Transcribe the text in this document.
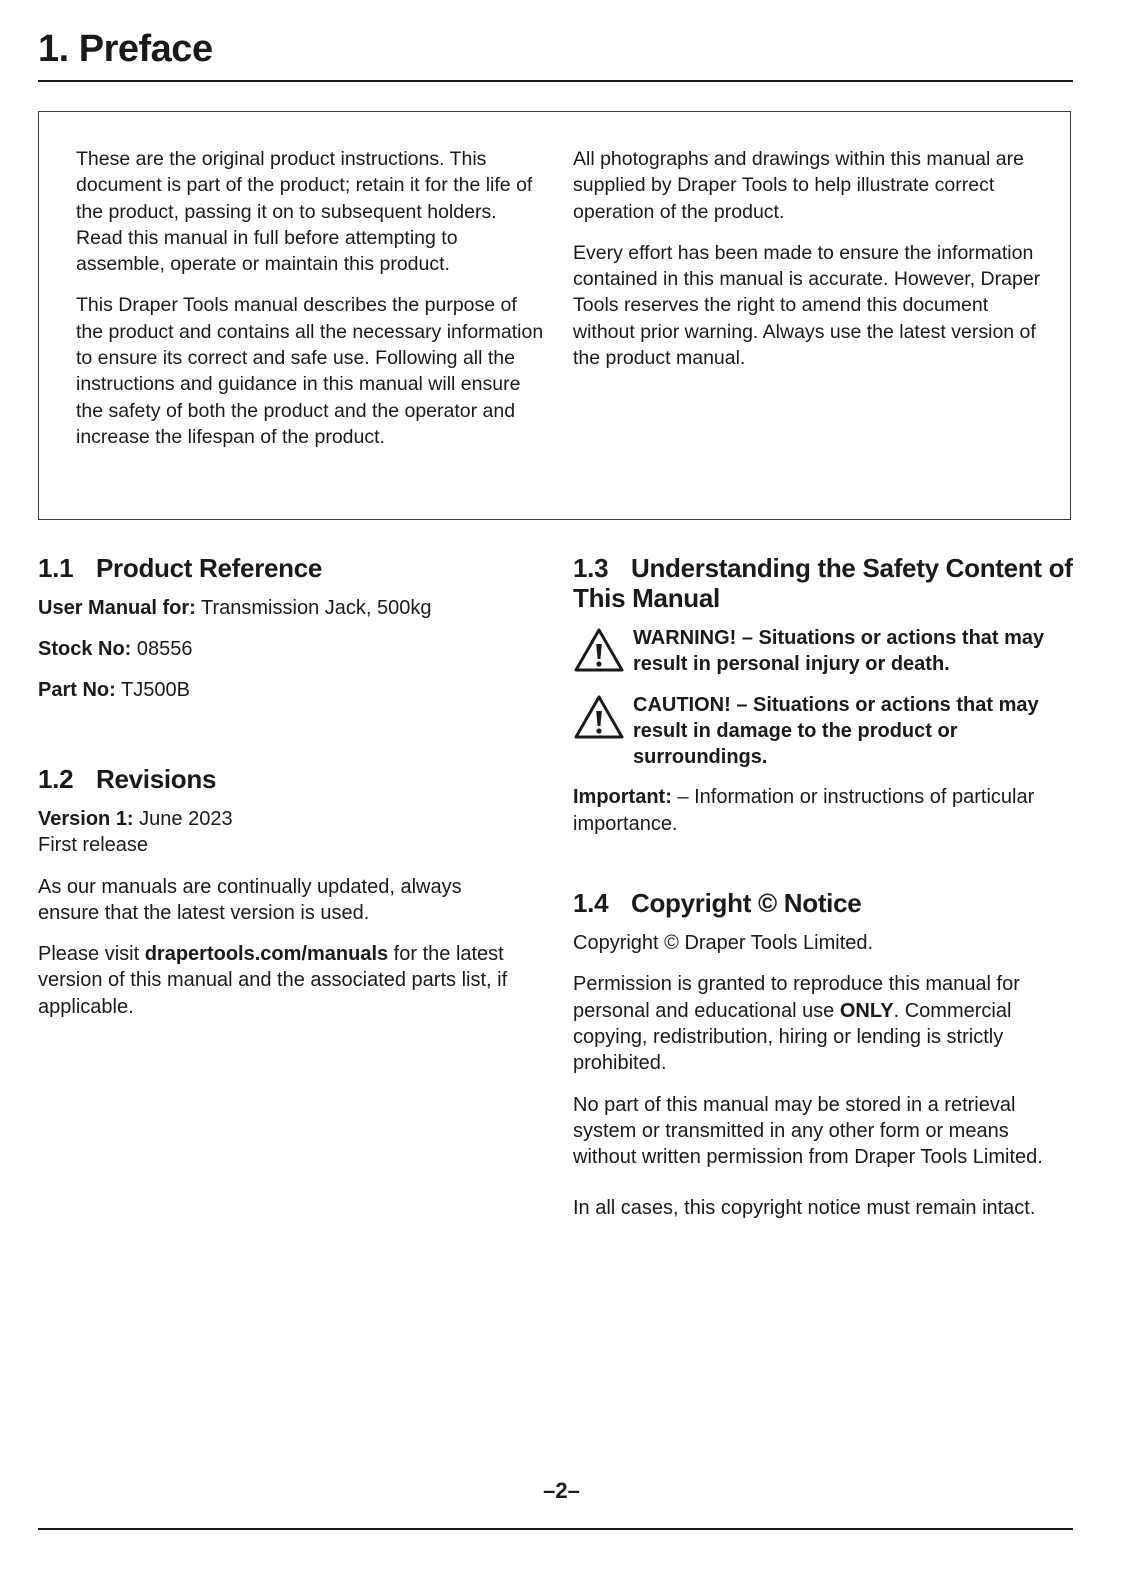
1. Preface

These are the original product instructions. This document is part of the product; retain it for the life of the product, passing it on to subsequent holders. Read this manual in full before attempting to assemble, operate or maintain this product.

This Draper Tools manual describes the purpose of the product and contains all the necessary information to ensure its correct and safe use. Following all the instructions and guidance in this manual will ensure the safety of both the product and the operator and increase the lifespan of the product.

All photographs and drawings within this manual are supplied by Draper Tools to help illustrate correct operation of the product.

Every effort has been made to ensure the information contained in this manual is accurate. However, Draper Tools reserves the right to amend this document without prior warning. Always use the latest version of the product manual.

1.1 Product Reference

User Manual for: Transmission Jack, 500kg

Stock No: 08556

Part No: TJ500B

1.2 Revisions

Version 1: June 2023
First release

As our manuals are continually updated, always ensure that the latest version is used.

Please visit drapertools.com/manuals for the latest version of this manual and the associated parts list, if applicable.

1.3 Understanding the Safety Content of This Manual
WARNING! – Situations or actions that may result in personal injury or death.
CAUTION! – Situations or actions that may result in damage to the product or surroundings.

Important: – Information or instructions of particular importance.

1.4 Copyright © Notice

Copyright © Draper Tools Limited.

Permission is granted to reproduce this manual for personal and educational use ONLY. Commercial copying, redistribution, hiring or lending is strictly prohibited.

No part of this manual may be stored in a retrieval system or transmitted in any other form or means without written permission from Draper Tools Limited.

In all cases, this copyright notice must remain intact.

–2–
